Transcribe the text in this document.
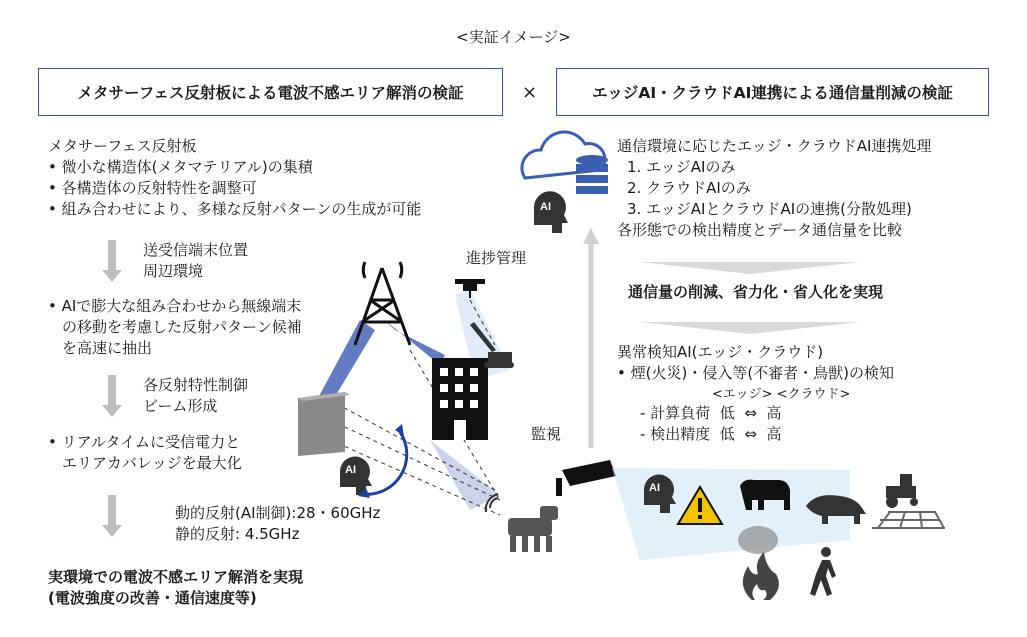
<実証イメージ>
メタサーフェス反射板による電波不感エリア解消の検証	×	エッジAI・クラウドAI連携による通信量削減の検証
メタサーフェス反射板
• 微小な構造体(メタマテリアル)の集積
• 各構造体の反射特性を調整可
• 組み合わせにより、多様な反射パターンの生成が可能
送受信端末位置
周辺環境
• AIで膨大な組み合わせから無線端末
の移動を考慮した反射パターン候補
を高速に抽出
各反射特性制御
ビーム形成
• リアルタイムに受信電力と
エリアカバレッジを最大化
動的反射(AI制御):28・60GHz
静的反射: 4.5GHz
実環境での電波不感エリア解消を実現
(電波強度の改善・通信速度等)
通信環境に応じたエッジ・クラウドAI連携処理
1. エッジAIのみ
2. クラウドAIのみ
3. エッジAIとクラウドAIの連携(分散処理)
各形態での検出精度とデータ通信量を比較
通信量の削減、省力化・省人化を実現
異常検知AI(エッジ・クラウド)
• 煙(火災)・侵入等(不審者・鳥獣)の検知
<エッジ> <クラウド>
- 計算負荷 低 ⇔ 高
- 検出精度 低 ⇔ 高
進捗管理
監視
AI
AI
AI
